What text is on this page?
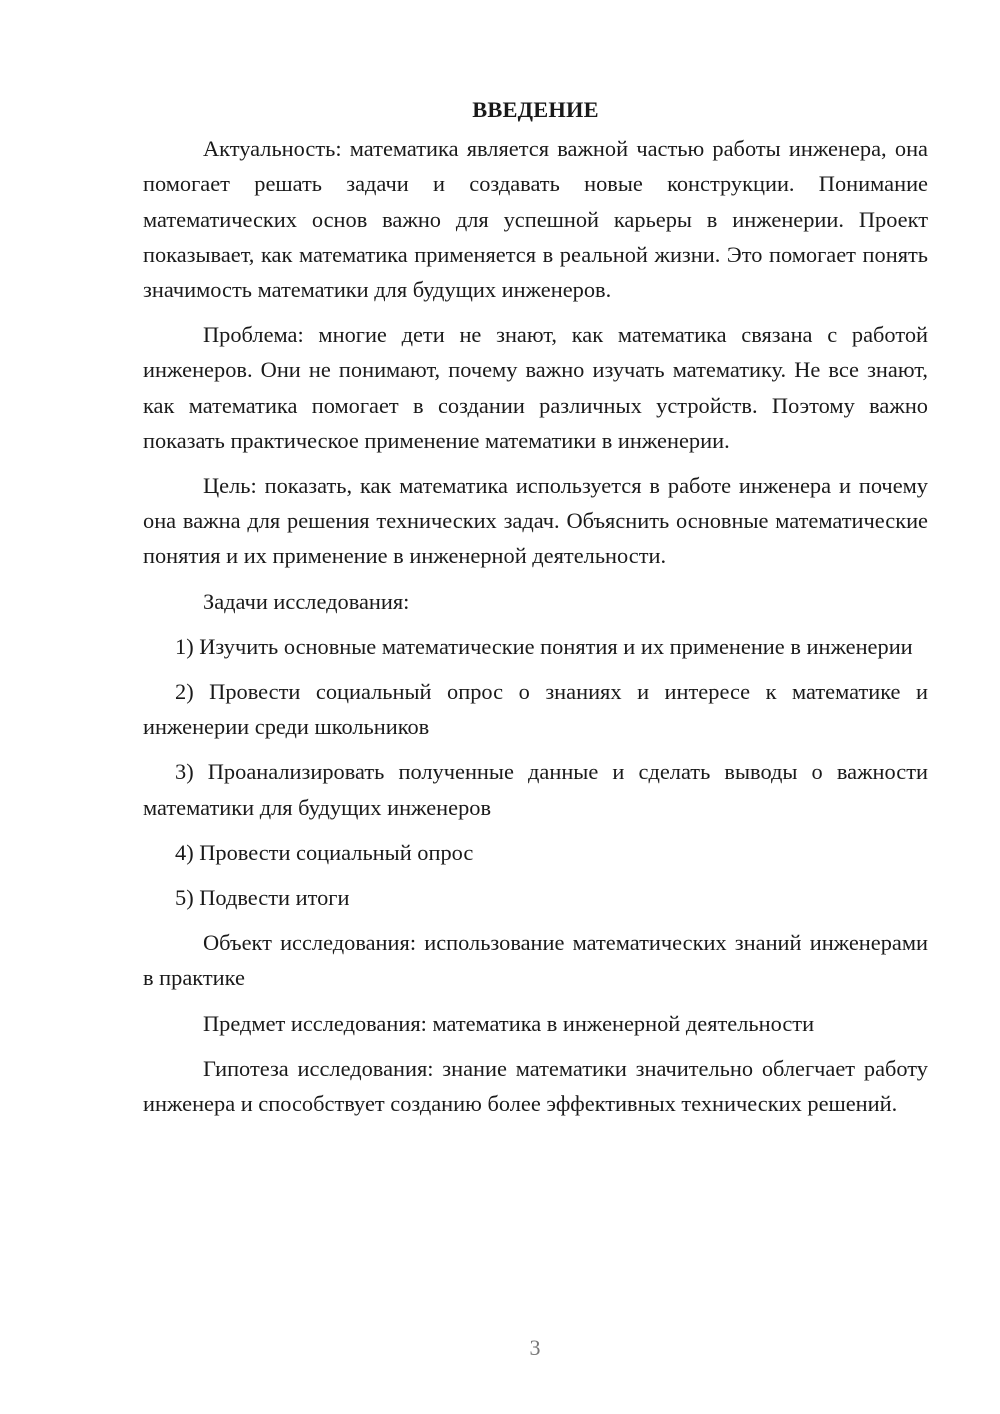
ВВЕДЕНИЕ

Актуальность: математика является важной частью работы инженера, она помогает решать задачи и создавать новые конструкции. Понимание математических основ важно для успешной карьеры в инженерии. Проект показывает, как математика применяется в реальной жизни. Это помогает понять значимость математики для будущих инженеров.

Проблема: многие дети не знают, как математика связана с работой инженеров. Они не понимают, почему важно изучать математику. Не все знают, как математика помогает в создании различных устройств. Поэтому важно показать практическое применение математики в инженерии.

Цель: показать, как математика используется в работе инженера и почему она важна для решения технических задач. Объяснить основные математические понятия и их применение в инженерной деятельности.

Задачи исследования:

1) Изучить основные математические понятия и их применение в инженерии

2) Провести социальный опрос о знаниях и интересе к математике и инженерии среди школьников

3) Проанализировать полученные данные и сделать выводы о важности математики для будущих инженеров

4) Провести социальный опрос

5) Подвести итоги

Объект исследования: использование математических знаний инженерами в практике

Предмет исследования: математика в инженерной деятельности

Гипотеза исследования: знание математики значительно облегчает работу инженера и способствует созданию более эффективных технических решений.

3
